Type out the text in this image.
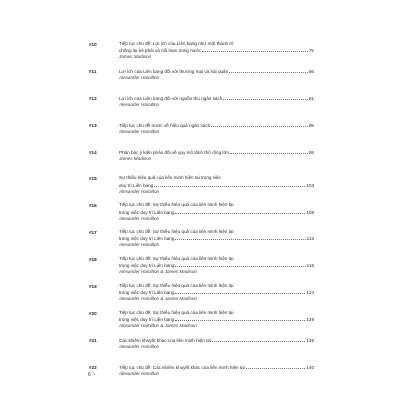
#10	Tiếp tục chủ đề: Lợi ích của Liên bang như một thành trì
chống lại bè phái và nổi loạn trong nước	75
James Madison
#11	Lợi ích của Liên bang đối với thương mại và hải quân	86
Alexander Hamilton
#12	Lợi ích của Liên bang đối với nguồn thu ngân sách	91
Alexander Hamilton
#13	Tiếp tục chủ đề trước về hiệu quả ngân sách	95
Alexander Hamilton
#14	Phản bác ý kiến phản đối về quy mô lãnh thổ rộng lớn	98
James Madison
#15	Sự thiếu hiệu quả của liên minh hiện tại trong việc
duy trì Liên bang	103
Alexander Hamilton
#16	Tiếp tục chủ đề: Sự thiếu hiệu quả của liên minh hiện tại
trong việc duy trì Liên bang	108
Alexander Hamilton
#17	Tiếp tục chủ đề: Sự thiếu hiệu quả của liên minh hiện tại
trong việc duy trì Liên bang	113
Alexander Hamilton
#18	Tiếp tục chủ đề: Sự thiếu hiệu quả của liên minh hiện tại
trong việc duy trì Liên bang	118
Alexander Hamilton & James Madison
#19	Tiếp tục chủ đề: Sự thiếu hiệu quả của liên minh hiện tại
trong việc duy trì Liên bang	124
Alexander Hamilton & James Madison
#20	Tiếp tục chủ đề: Sự thiếu hiệu quả của liên minh hiện tại
trong việc duy trì Liên bang	129
Alexander Hamilton & James Madison
#21	Các khiếm khuyết khác của liên minh hiện tại	135
Alexander Hamilton
#22	Tiếp tục chủ đề: Các khiếm khuyết khác của liên minh hiện tại	140
Alexander Hamilton
6 ~
